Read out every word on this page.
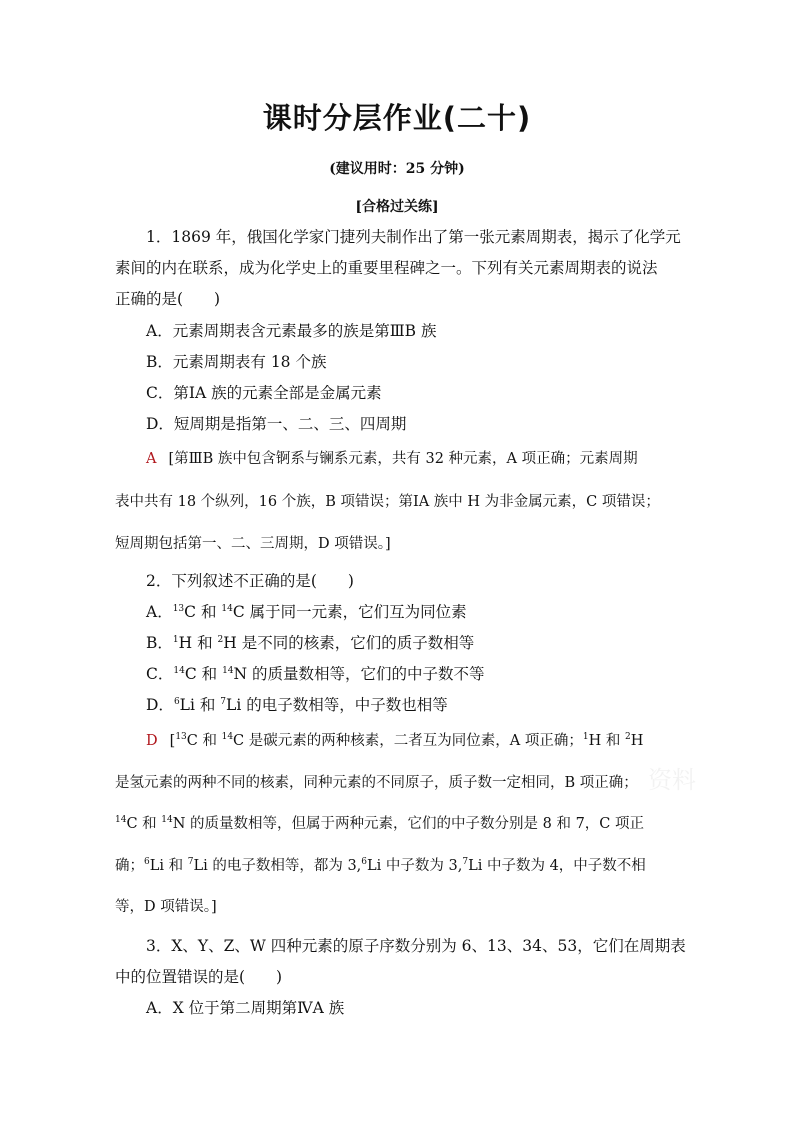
课时分层作业(二十)
(建议用时：25 分钟)
[合格过关练]
1．1869 年，俄国化学家门捷列夫制作出了第一张元素周期表，揭示了化学元
素间的内在联系，成为化学史上的重要里程碑之一。下列有关元素周期表的说法
正确的是(　　)
A．元素周期表含元素最多的族是第ⅢB 族
B．元素周期表有 18 个族
C．第ⅠA 族的元素全部是金属元素
D．短周期是指第一、二、三、四周期
A [第ⅢB 族中包含锕系与镧系元素，共有 32 种元素，A 项正确；元素周期
表中共有 18 个纵列，16 个族，B 项错误；第ⅠA 族中 H 为非金属元素，C 项错误；
短周期包括第一、二、三周期，D 项错误。]
2．下列叙述不正确的是(　　)
A．$^{13}$C 和 $^{14}$C 属于同一元素，它们互为同位素
B．$^1$H 和 $^2$H 是不同的核素，它们的质子数相等
C．$^{14}$C 和 $^{14}$N 的质量数相等，它们的中子数不等
D．$^6$Li 和 $^7$Li 的电子数相等，中子数也相等
D [$^{13}$C 和 $^{14}$C 是碳元素的两种核素，二者互为同位素，A 项正确；$^1$H 和 $^2$H
是氢元素的两种不同的核素，同种元素的不同原子，质子数一定相同，B 项正确；
$^{14}$C 和 $^{14}$N 的质量数相等，但属于两种元素，它们的中子数分别是 8 和 7，C 项正
确；$^6$Li 和 $^7$Li 的电子数相等，都为 3,$^6$Li 中子数为 3,$^7$Li 中子数为 4，中子数不相
等，D 项错误。]
3．X、Y、Z、W 四种元素的原子序数分别为 6、13、34、53，它们在周期表
中的位置错误的是(　　)
A．X 位于第二周期第ⅣA 族
资料
